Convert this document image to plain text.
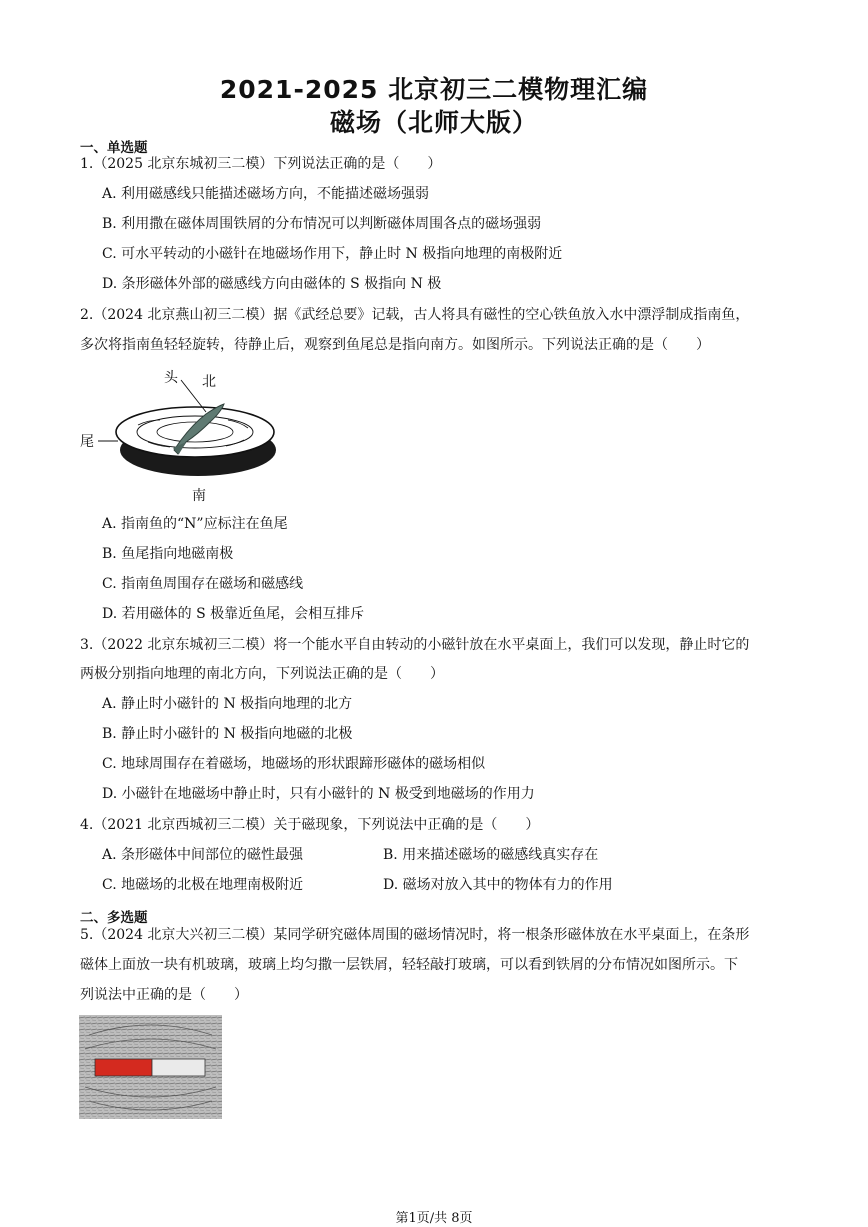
2021-2025 北京初三二模物理汇编
磁场（北师大版）
一、单选题
1.（2025 北京东城初三二模）下列说法正确的是（　　）
A. 利用磁感线只能描述磁场方向，不能描述磁场强弱
B. 利用撒在磁体周围铁屑的分布情况可以判断磁体周围各点的磁场强弱
C. 可水平转动的小磁针在地磁场作用下，静止时 N 极指向地理的南极附近
D. 条形磁体外部的磁感线方向由磁体的 S 极指向 N 极
2.（2024 北京燕山初三二模）据《武经总要》记载，古人将具有磁性的空心铁鱼放入水中漂浮制成指南鱼，
多次将指南鱼轻轻旋转，待静止后，观察到鱼尾总是指向南方。如图所示。下列说法正确的是（　　）
头 北
尾
南
A. 指南鱼的“N”应标注在鱼尾
B. 鱼尾指向地磁南极
C. 指南鱼周围存在磁场和磁感线
D. 若用磁体的 S 极靠近鱼尾，会相互排斥
3.（2022 北京东城初三二模）将一个能水平自由转动的小磁针放在水平桌面上，我们可以发现，静止时它的
两极分别指向地理的南北方向，下列说法正确的是（　　）
A. 静止时小磁针的 N 极指向地理的北方
B. 静止时小磁针的 N 极指向地磁的北极
C. 地球周围存在着磁场，地磁场的形状跟蹄形磁体的磁场相似
D. 小磁针在地磁场中静止时，只有小磁针的 N 极受到地磁场的作用力
4.（2021 北京西城初三二模）关于磁现象，下列说法中正确的是（　　）
A. 条形磁体中间部位的磁性最强	B. 用来描述磁场的磁感线真实存在
C. 地磁场的北极在地理南极附近	D. 磁场对放入其中的物体有力的作用
二、多选题
5.（2024 北京大兴初三二模）某同学研究磁体周围的磁场情况时，将一根条形磁体放在水平桌面上，在条形
磁体上面放一块有机玻璃，玻璃上均匀撒一层铁屑，轻轻敲打玻璃，可以看到铁屑的分布情况如图所示。下
列说法中正确的是（　　）
第1页/共 8页
